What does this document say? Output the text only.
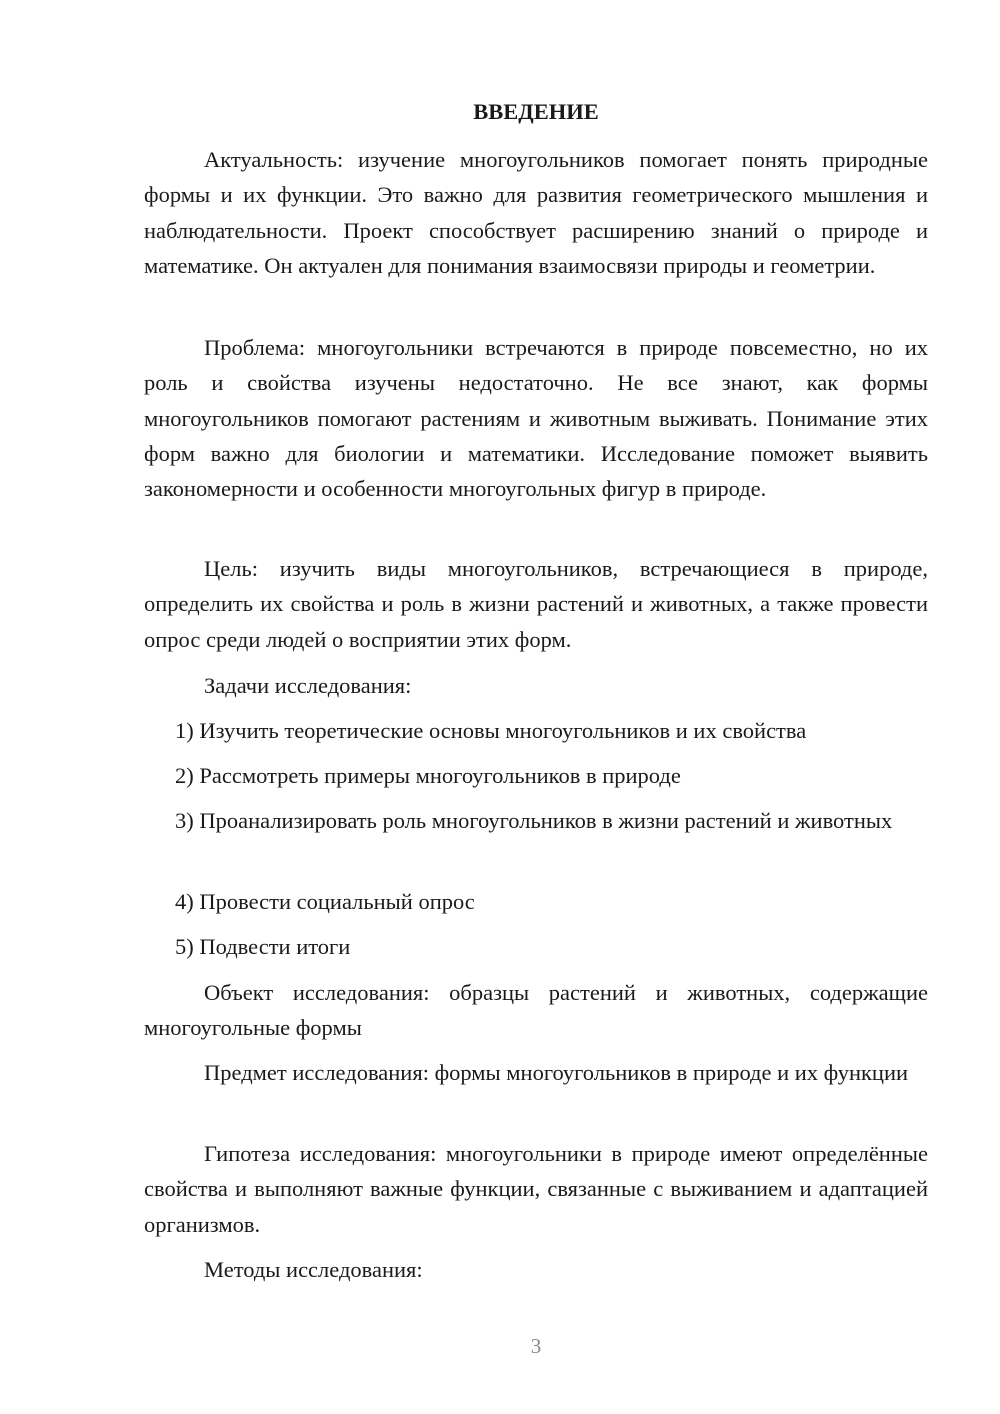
ВВЕДЕНИЕ

Актуальность: изучение многоугольников помогает понять природные формы и их функции. Это важно для развития геометрического мышления и наблюдательности. Проект способствует расширению знаний о природе и математике. Он актуален для понимания взаимосвязи природы и геометрии.

Проблема: многоугольники встречаются в природе повсеместно, но их роль и свойства изучены недостаточно. Не все знают, как формы многоугольников помогают растениям и животным выживать. Понимание этих форм важно для биологии и математики. Исследование поможет выявить закономерности и особенности многоугольных фигур в природе.

Цель: изучить виды многоугольников, встречающиеся в природе, определить их свойства и роль в жизни растений и животных, а также провести опрос среди людей о восприятии этих форм.

Задачи исследования:

1) Изучить теоретические основы многоугольников и их свойства

2) Рассмотреть примеры многоугольников в природе

3) Проанализировать роль многоугольников в жизни растений и животных

4) Провести социальный опрос

5) Подвести итоги

Объект исследования: образцы растений и животных, содержащие многоугольные формы

Предмет исследования: формы многоугольников в природе и их функции

Гипотеза исследования: многоугольники в природе имеют определённые свойства и выполняют важные функции, связанные с выживанием и адаптацией организмов.

Методы исследования:

3
